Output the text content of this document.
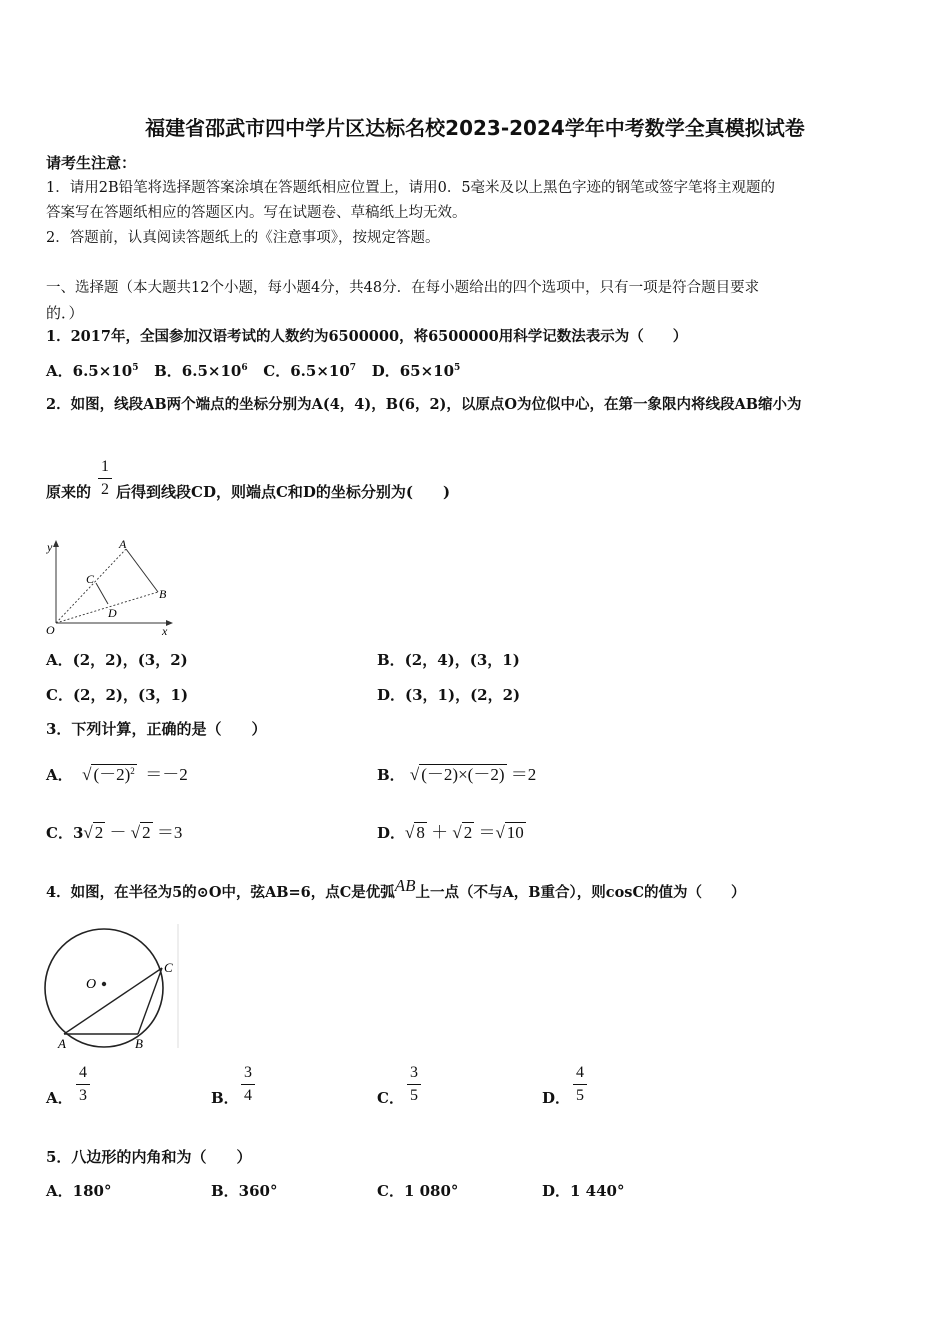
福建省邵武市四中学片区达标名校2023-2024学年中考数学全真模拟试卷
请考生注意：
1．请用2B铅笔将选择题答案涂填在答题纸相应位置上，请用0．5毫米及以上黑色字迹的钢笔或签字笔将主观题的
答案写在答题纸相应的答题区内。写在试题卷、草稿纸上均无效。
2．答题前，认真阅读答题纸上的《注意事项》，按规定答题。
一、选择题（本大题共12个小题，每小题4分，共48分．在每小题给出的四个选项中，只有一项是符合题目要求
的．）
1．2017年，全国参加汉语考试的人数约为6500000，将6500000用科学记数法表示为（　　）
A．$6.5\times 10^5$ B．$6.5\times 10^6$ C．$6.5\times 10^7$ D．$65\times 10^5$
2．如图，线段AB两个端点的坐标分别为A(4，4)，B(6，2)，以原点O为位似中心，在第一象限内将线段AB缩小为
原来的
1
2 后得到线段CD，则端点C和D的坐标分别为(　　)
y
x
O
A
B
C
D
A．(2，2)，(3，2)	B．(2，4)，(3，1)
C．(2，2)，(3，1)	D．(3，1)，(2，2)
3．下列计算，正确的是（　　）
A．  √ $(-2)^2 =-2$	B． √ (－2)×(－2) ＝2
C．3√ 2 － √ 2 ＝3	D．√ 8 ＋ √ 2 ＝√ 10
4．如图，在半径为5的⊙O中，弦AB=6，点C是优弧AB上一点（不与A，B重合），则cosC的值为（　　）
O
A	B
C
A．
4
3	B．
3
4	C．
3
5	D．
4
5
5．八边形的内角和为（　　）
A．180°	B．360°	C．1 080°	D．1 440°
